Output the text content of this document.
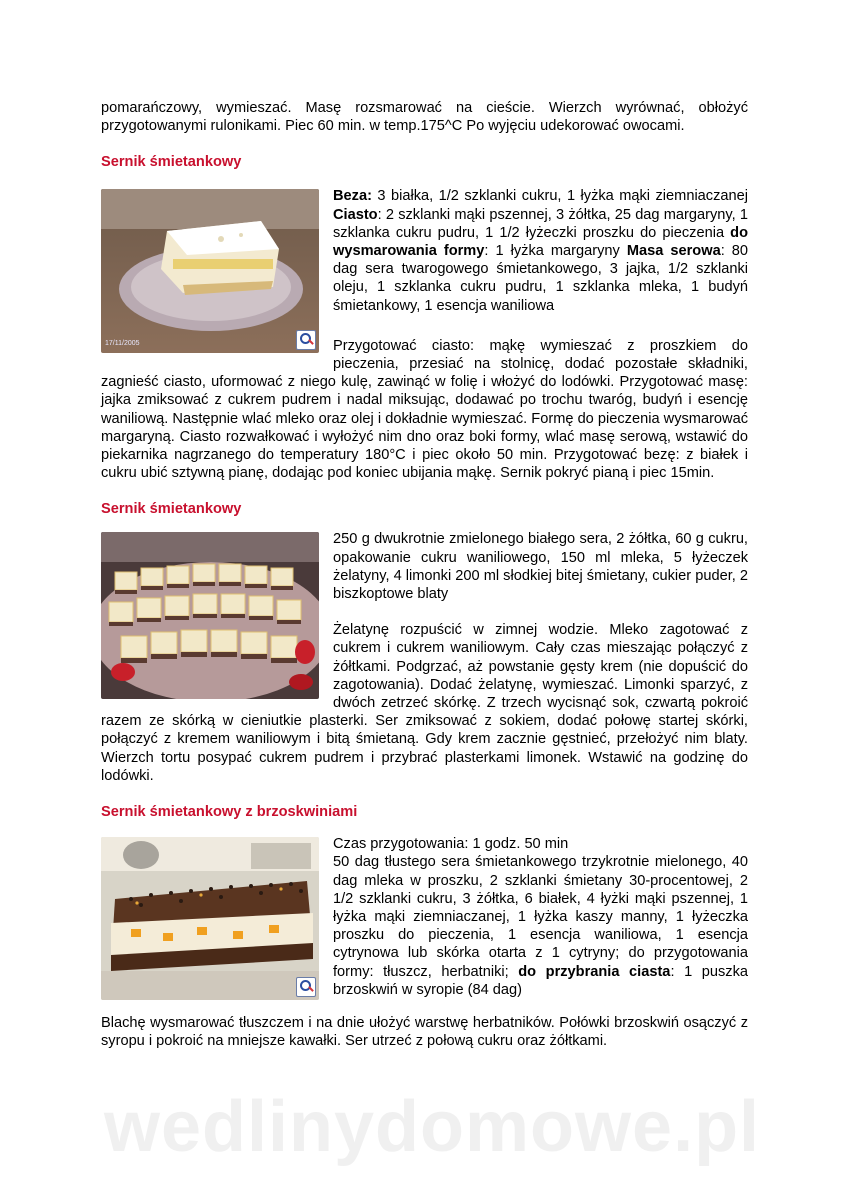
pomarańczowy, wymieszać. Masę rozsmarować na cieście. Wierzch wyrównać, obłożyć przygotowanymi rulonikami. Piec 60 min. w temp.175^C Po wyjęciu udekorować owocami.

Sernik śmietankowy
17/11/2005

Beza: 3 białka, 1/2 szklanki cukru, 1 łyżka mąki ziemniaczanej Ciasto: 2 szklanki mąki pszennej, 3 żółtka, 25 dag margaryny, 1 szklanka cukru pudru, 1 1/2 łyżeczki proszku do pieczenia do wysmarowania formy: 1 łyżka margaryny Masa serowa: 80 dag sera twarogowego śmietankowego, 3 jajka, 1/2 szklanki oleju, 1 szklanka cukru pudru, 1 szklanka mleka, 1 budyń śmietankowy, 1 esencja waniliowa

Przygotować ciasto: mąkę wymieszać z proszkiem do pieczenia, przesiać na stolnicę, dodać pozostałe składniki, zagnieść ciasto, uformować z niego kulę, zawinąć w folię i włożyć do lodówki. Przygotować masę: jajka zmiksować z cukrem pudrem i nadal miksując, dodawać po trochu twaróg, budyń i esencję waniliową. Następnie wlać mleko oraz olej i dokładnie wymieszać. Formę do pieczenia wysmarować margaryną. Ciasto rozwałkować i wyłożyć nim dno oraz boki formy, wlać masę serową, wstawić do piekarnika nagrzanego do temperatury 180°C i piec około 50 min. Przygotować bezę: z białek i cukru ubić sztywną pianę, dodając pod koniec ubijania mąkę. Sernik pokryć pianą i piec 15min.

Sernik śmietankowy

250 g dwukrotnie zmielonego białego sera, 2 żółtka, 60 g cukru, opakowanie cukru waniliowego, 150 ml mleka, 5 łyżeczek żelatyny, 4 limonki 200 ml słodkiej bitej śmietany, cukier puder, 2 biszkoptowe blaty

Żelatynę rozpuścić w zimnej wodzie. Mleko zagotować z cukrem i cukrem waniliowym. Cały czas mieszając połączyć z żółtkami. Podgrzać, aż powstanie gęsty krem (nie dopuścić do zagotowania). Dodać żelatynę, wymieszać. Limonki sparzyć, z dwóch zetrzeć skórkę. Z trzech wycisnąć sok, czwartą pokroić razem ze skórką w cieniutkie plasterki. Ser zmiksować z sokiem, dodać połowę startej skórki, połączyć z kremem waniliowym i bitą śmietaną. Gdy krem zacznie gęstnieć, przełożyć nim blaty. Wierzch tortu posypać cukrem pudrem i przybrać plasterkami limonek. Wstawić na godzinę do lodówki.

Sernik śmietankowy z brzoskwiniami

Czas przygotowania: 1 godz. 50 min

50 dag tłustego sera śmietankowego trzykrotnie mielonego, 40 dag mleka w proszku, 2 szklanki śmietany 30-procentowej, 2 1/2 szklanki cukru, 3 żółtka, 6 białek, 4 łyżki mąki pszennej, 1 łyżka mąki ziemniaczanej, 1 łyżka kaszy manny, 1 łyżeczka proszku do pieczenia, 1 esencja waniliowa, 1 esencja cytrynowa lub skórka otarta z 1 cytryny; do przygotowania formy: tłuszcz, herbatniki; do przybrania ciasta: 1 puszka brzoskwiń w syropie (84 dag)

Blachę wysmarować tłuszczem i na dnie ułożyć warstwę herbatników. Połówki brzoskwiń osączyć z syropu i pokroić na mniejsze kawałki. Ser utrzeć z połową cukru oraz żółtkami.

wedlinydomowe.pl
